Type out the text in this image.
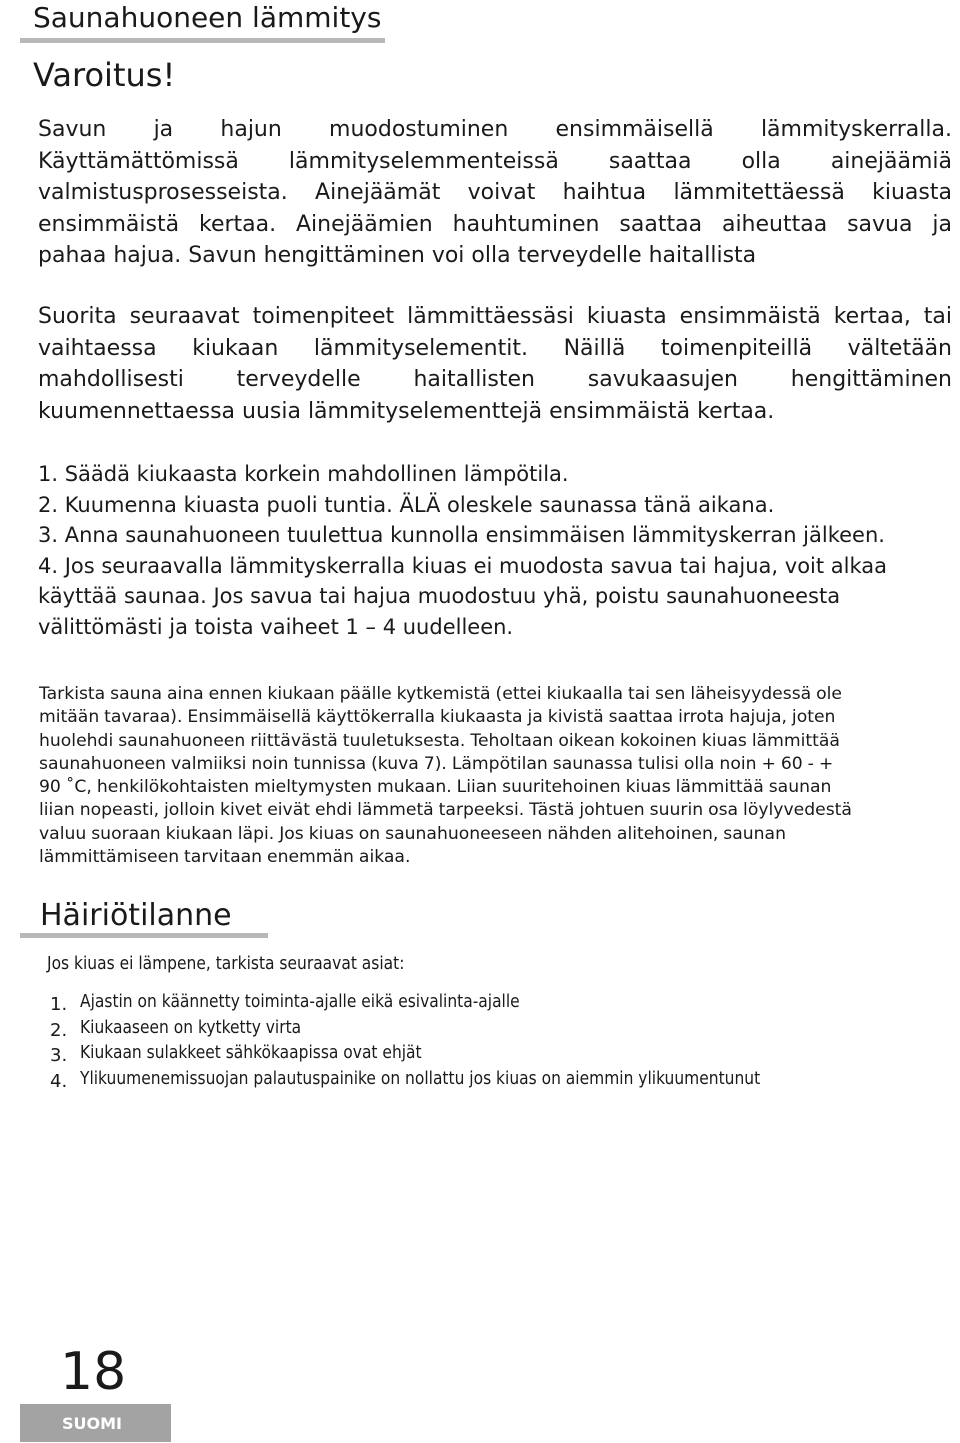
Saunahuoneen lämmitys
Varoitus!
Savun ja hajun muodostuminen ensimmäisellä lämmityskerralla.
Käyttämättömissä lämmityselemmenteissä saattaa olla ainejäämiä
valmistusprosesseista. Ainejäämät voivat haihtua lämmitettäessä kiuasta
ensimmäistä kertaa. Ainejäämien hauhtuminen saattaa aiheuttaa savua ja
pahaa hajua. Savun hengittäminen voi olla terveydelle haitallista
Suorita seuraavat toimenpiteet lämmittäessäsi kiuasta ensimmäistä kertaa, tai
vaihtaessa kiukaan lämmityselementit. Näillä toimenpiteillä vältetään
mahdollisesti terveydelle haitallisten savukaasujen hengittäminen
kuumennettaessa uusia lämmityselementtejä ensimmäistä kertaa.
1. Säädä kiukaasta korkein mahdollinen lämpötila.
2. Kuumenna kiuasta puoli tuntia. ÄLÄ oleskele saunassa tänä aikana.
3. Anna saunahuoneen tuulettua kunnolla ensimmäisen lämmityskerran jälkeen.
4. Jos seuraavalla lämmityskerralla kiuas ei muodosta savua tai hajua, voit alkaa
käyttää saunaa. Jos savua tai hajua muodostuu yhä, poistu saunahuoneesta
välittömästi ja toista vaiheet 1 – 4 uudelleen.
Tarkista sauna aina ennen kiukaan päälle kytkemistä (ettei kiukaalla tai sen läheisyydessä ole
mitään tavaraa). Ensimmäisellä käyttökerralla kiukaasta ja kivistä saattaa irrota hajuja, joten
huolehdi saunahuoneen riittävästä tuuletuksesta. Teholtaan oikean kokoinen kiuas lämmittää
saunahuoneen valmiiksi noin tunnissa (kuva 7). Lämpötilan saunassa tulisi olla noin + 60 - +
90 ˚C, henkilökohtaisten mieltymysten mukaan. Liian suuritehoinen kiuas lämmittää saunan
liian nopeasti, jolloin kivet eivät ehdi lämmetä tarpeeksi. Tästä johtuen suurin osa löylyvedestä
valuu suoraan kiukaan läpi. Jos kiuas on saunahuoneeseen nähden alitehoinen, saunan
lämmittämiseen tarvitaan enemmän aikaa.
Häiriötilanne
Jos kiuas ei lämpene, tarkista seuraavat asiat:
1. Ajastin on käännetty toiminta-ajalle eikä esivalinta-ajalle
2. Kiukaaseen on kytketty virta
3. Kiukaan sulakkeet sähkökaapissa ovat ehjät
4. Ylikuumenemissuojan palautuspainike on nollattu jos kiuas on aiemmin ylikuumentunut
18
SUOMI
